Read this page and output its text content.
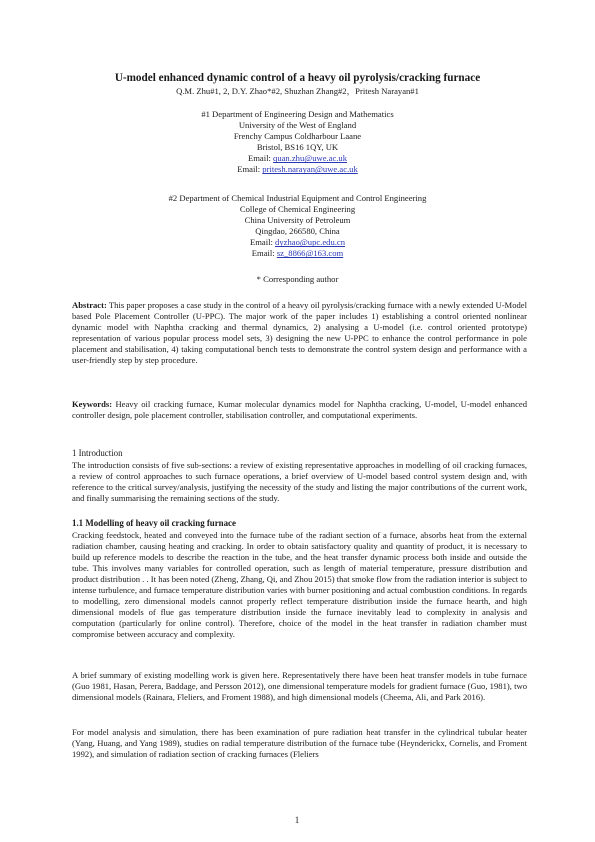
U-model enhanced dynamic control of a heavy oil pyrolysis/cracking furnace
Q.M. Zhu#1, 2, D.Y. Zhao*#2, Shuzhan Zhang#2，Pritesh Narayan#1
#1 Department of Engineering Design and Mathematics
University of the West of England
Frenchy Campus Coldharbour Laane
Bristol, BS16 1QY, UK
Email: quan.zhu@uwe.ac.uk
Email: pritesh.narayan@uwe.ac.uk
#2 Department of Chemical Industrial Equipment and Control Engineering
College of Chemical Engineering
China University of Petroleum
Qingdao, 266580, China
Email: dyzhao@upc.edu.cn
Email: sz_8866@163.com
* Corresponding author
Abstract: This paper proposes a case study in the control of a heavy oil pyrolysis/cracking furnace with a newly extended U-Model based Pole Placement Controller (U-PPC). The major work of the paper includes 1) establishing a control oriented nonlinear dynamic model with Naphtha cracking and thermal dynamics, 2) analysing a U-model (i.e. control oriented prototype) representation of various popular process model sets, 3) designing the new U-PPC to enhance the control performance in pole placement and stabilisation, 4) taking computational bench tests to demonstrate the control system design and performance with a user-friendly step by step procedure.
Keywords: Heavy oil cracking furnace, Kumar molecular dynamics model for Naphtha cracking, U-model, U-model enhanced controller design, pole placement controller, stabilisation controller, and computational experiments.
1 Introduction
The introduction consists of five sub-sections: a review of existing representative approaches in modelling of oil cracking furnaces, a review of control approaches to such furnace operations, a brief overview of U-model based control system design and, with reference to the critical survey/analysis, justifying the necessity of the study and listing the major contributions of the current work, and finally summarising the remaining sections of the study.
1.1 Modelling of heavy oil cracking furnace
Cracking feedstock, heated and conveyed into the furnace tube of the radiant section of a furnace, absorbs heat from the external radiation chamber, causing heating and cracking. In order to obtain satisfactory quality and quantity of product, it is necessary to build up reference models to describe the reaction in the tube, and the heat transfer dynamic process both inside and outside the tube. This involves many variables for controlled operation, such as length of material temperature, pressure distribution and product distribution . . It has been noted (Zheng, Zhang, Qi, and Zhou 2015) that smoke flow from the radiation interior is subject to intense turbulence, and furnace temperature distribution varies with burner positioning and actual combustion conditions. In regards to modelling, zero dimensional models cannot properly reflect temperature distribution inside the furnace hearth, and high dimensional models of flue gas temperature distribution inside the furnace inevitably lead to complexity in analysis and computation (particularly for online control). Therefore, choice of the model in the heat transfer in radiation chamber must compromise between accuracy and complexity.
A brief summary of existing modelling work is given here. Representatively there have been heat transfer models in tube furnace (Guo 1981, Hasan, Perera, Baddage, and Persson 2012), one dimensional temperature models for gradient furnace (Guo, 1981), two dimensional models (Rainara, Fleliers, and Froment 1988), and high dimensional models (Cheema, Ali, and Park 2016).
For model analysis and simulation, there has been examination of pure radiation heat transfer in the cylindrical tubular heater (Yang, Huang, and Yang 1989), studies on radial temperature distribution of the furnace tube (Heynderickx, Cornelis, and Froment 1992), and simulation of radiation section of cracking furnaces (Fleliers
1
